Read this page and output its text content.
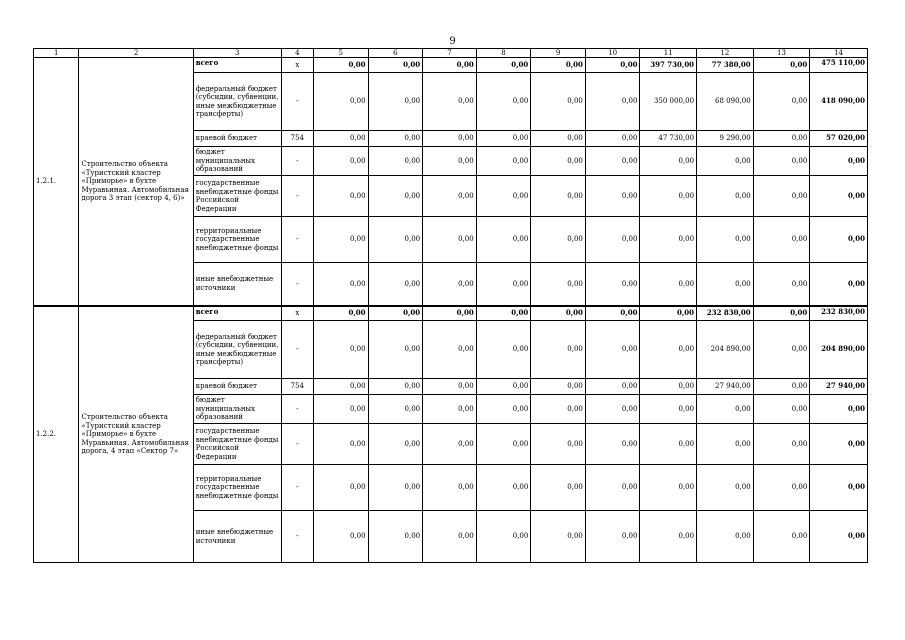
9
1	2	3	4	5	6	7	8	9	10	11	12	13	14
1.2.1.	Строительство объекта «Туристский кластер «Приморье» в бухте Муравьиная. Автомобильная дорога 3 этап (сектор 4, 6)»	всего	x	0,00	0,00	0,00	0,00	0,00	0,00	397 730,00	77 380,00	0,00	475 110,00
		федеральный бюджет (субсидии, субвенции, иные межбюджетные трансферты)	-	0,00	0,00	0,00	0,00	0,00	0,00	350 000,00	68 090,00	0,00	418 090,00
		краевой бюджет	754	0,00	0,00	0,00	0,00	0,00	0,00	47 730,00	9 290,00	0,00	57 020,00
		бюджет муниципальных образований	-	0,00	0,00	0,00	0,00	0,00	0,00	0,00	0,00	0,00	0,00
		государственные внебюджетные фонды Российской Федерации	-	0,00	0,00	0,00	0,00	0,00	0,00	0,00	0,00	0,00	0,00
		территориальные государственные внебюджетные фонды	-	0,00	0,00	0,00	0,00	0,00	0,00	0,00	0,00	0,00	0,00
		иные внебюджетные источники	-	0,00	0,00	0,00	0,00	0,00	0,00	0,00	0,00	0,00	0,00
1.2.2.	Строительство объекта «Туристский кластер «Приморье» в бухте Муравьиная. Автомобильная дорога, 4 этап «Сектор 7»	всего	x	0,00	0,00	0,00	0,00	0,00	0,00	0,00	232 830,00	0,00	232 830,00
		федеральный бюджет (субсидии, субвенции, иные межбюджетные трансферты)	-	0,00	0,00	0,00	0,00	0,00	0,00	0,00	204 890,00	0,00	204 890,00
		краевой бюджет	754	0,00	0,00	0,00	0,00	0,00	0,00	0,00	27 940,00	0,00	27 940,00
		бюджет муниципальных образований	-	0,00	0,00	0,00	0,00	0,00	0,00	0,00	0,00	0,00	0,00
		государственные внебюджетные фонды Российской Федерации	-	0,00	0,00	0,00	0,00	0,00	0,00	0,00	0,00	0,00	0,00
		территориальные государственные внебюджетные фонды	-	0,00	0,00	0,00	0,00	0,00	0,00	0,00	0,00	0,00	0,00
		иные внебюджетные источники	-	0,00	0,00	0,00	0,00	0,00	0,00	0,00	0,00	0,00	0,00
